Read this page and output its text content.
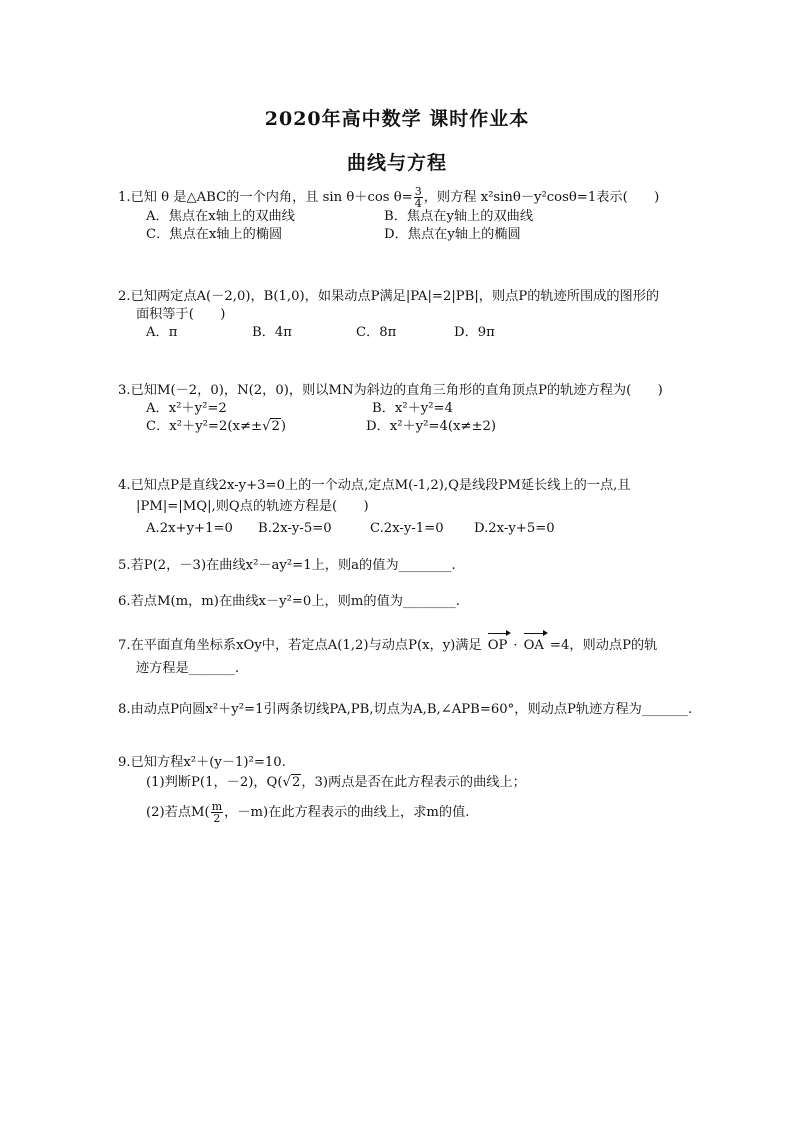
2020年高中数学 课时作业本
曲线与方程
1.已知 θ 是△ABC的一个内角，且 sin θ＋cos $\theta= \frac{3}{4}$ ，则方程 x²sinθ－y²cosθ=1表示(　　)
A．焦点在x轴上的双曲线	B．焦点在y轴上的双曲线
C．焦点在x轴上的椭圆	D．焦点在y轴上的椭圆
2.已知两定点A(－2,0)，B(1,0)，如果动点P满足|PA|=2|PB|，则点P的轨迹所围成的图形的
面积等于(　　)
A．π	B．4π	C．8π	D．9π
3.已知M(－2，0)，N(2，0)，则以MN为斜边的直角三角形的直角顶点P的轨迹方程为(　　)
A．x²＋y²=2	B．x²＋y²=4
C．x²＋y²=2(x≠±√2)	D．x²＋y²=4(x≠±2)
4.已知点P是直线2x-y+3=0上的一个动点,定点M(-1,2),Q是线段PM延长线上的一点,且
|PM|=|MQ|,则Q点的轨迹方程是(　　)
A.2x+y+1=0 B.2x-y-5=0	C.2x-y-1=0 D.2x-y+5=0
5.若P(2，－3)在曲线x²－ay²=1上，则a的值为________.
6.若点M(m，m)在曲线x－y²=0上，则m的值为________.
7.在平面直角坐标系xOy中，若定点A(1,2)与动点P(x，y)满足 OP · OA =4，则动点P的轨
迹方程是_______.
8.由动点P向圆x²＋y²=1引两条切线PA,PB,切点为A,B,∠APB=60°，则动点P轨迹方程为_______.
9.已知方程x²＋(y－1)²=10.
(1)判断P(1，－2)，Q(√2，3)两点是否在此方程表示的曲线上；
(2)若点$M( \frac{m}{2}$ ，－m)在此方程表示的曲线上，求m的值.
